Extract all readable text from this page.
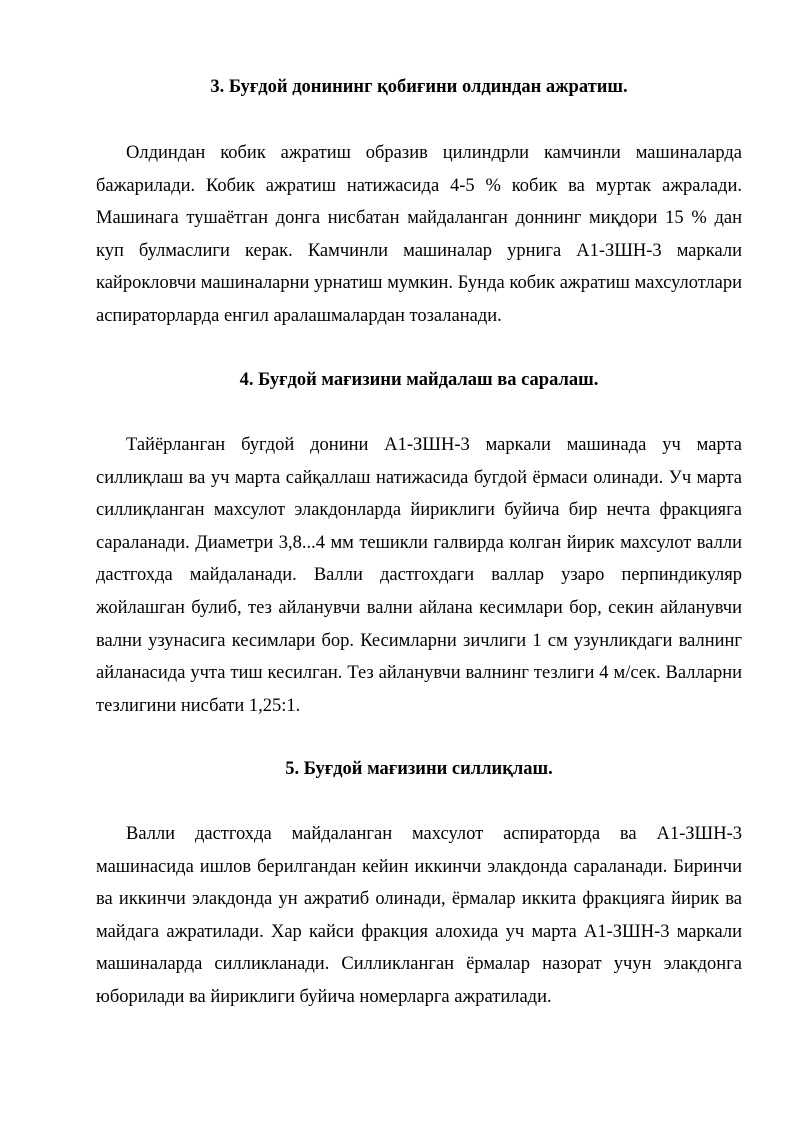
3. Буғдой донининг қобиғини олдиндан ажратиш.

Олдиндан кобик ажратиш образив цилиндрли камчинли машиналарда бажарилади. Кобик ажратиш натижасида 4-5 % кобик ва муртак ажралади. Машинага тушаётган донга нисбатан майдаланган доннинг миқдори 15 % дан куп булмаслиги керак. Камчинли машиналар урнига А1-ЗШН-3 маркали кайрокловчи машиналарни урнатиш мумкин. Бунда кобик ажратиш махсулотлари аспираторларда енгил аралашмалардан тозаланади.

4. Буғдой мағизини майдалаш ва саралаш.

Тайёрланган бугдой донини А1-ЗШН-3 маркали машинада уч марта силлиқлаш ва уч марта сайқаллаш натижасида бугдой ёрмаси олинади. Уч марта силлиқланган махсулот элакдонларда йириклиги буйича бир нечта фракцияга сараланади. Диаметри 3,8...4 мм тешикли галвирда колган йирик махсулот валли дастгохда майдаланади. Валли дастгохдаги валлар узаро перпиндикуляр жойлашган булиб, тез айланувчи вални айлана кесимлари бор, секин айланувчи вални узунасига кесимлари бор. Кесимларни зичлиги 1 см узунликдаги валнинг айланасида учта тиш кесилган. Тез айланувчи валнинг тезлиги 4 м/сек. Валларни тезлигини нисбати 1,25:1.

5. Буғдой мағизини силлиқлаш.

Валли дастгохда майдаланган махсулот аспираторда ва А1-ЗШН-3 машинасида ишлов берилгандан кейин иккинчи элакдонда сараланади. Биринчи ва иккинчи элакдонда ун ажратиб олинади, ёрмалар иккита фракцияга йирик ва майдага ажратилади. Хар кайси фракция алохида уч марта А1-ЗШН-3 маркали машиналарда силликланади. Силликланган ёрмалар назорат учун элакдонга юборилади ва йириклиги буйича номерларга ажратилади.
